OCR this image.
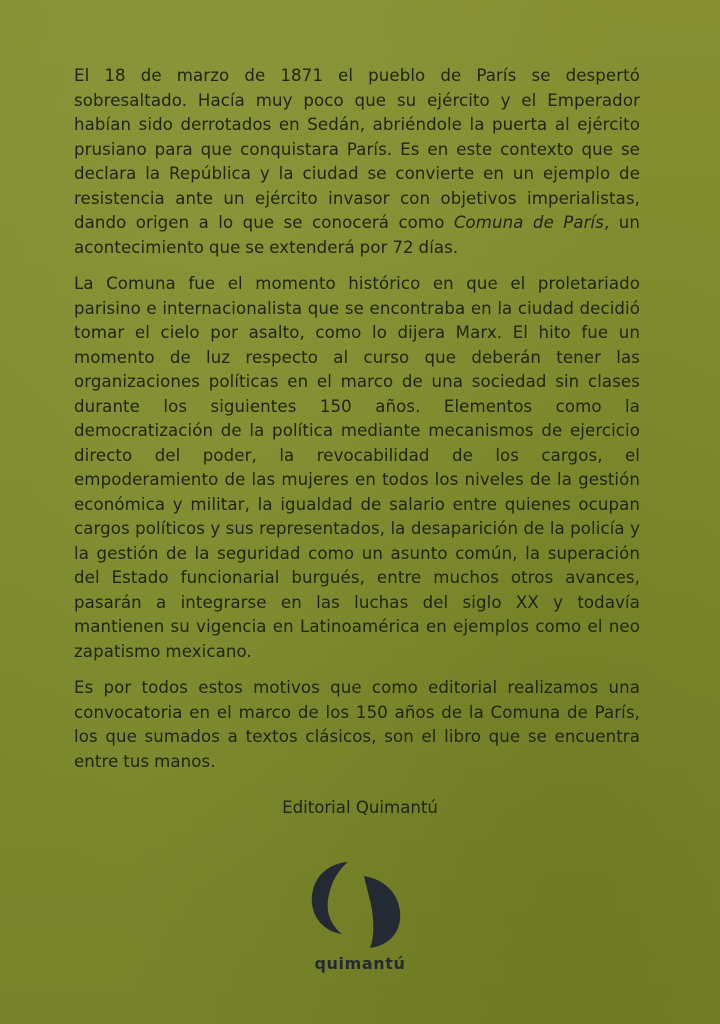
El 18 de marzo de 1871 el pueblo de París se despertó sobresaltado. Hacía muy poco que su ejército y el Emperador habían sido derrotados en Sedán, abriéndole la puerta al ejército prusiano para que conquistara París. Es en este contexto que se declara la República y la ciudad se convierte en un ejemplo de resistencia ante un ejército invasor con objetivos imperialistas, dando origen a lo que se conocerá como Comuna de París, un acontecimiento que se extenderá por 72 días.

La Comuna fue el momento histórico en que el proletariado parisino e internacionalista que se encontraba en la ciudad decidió tomar el cielo por asalto, como lo dijera Marx. El hito fue un momento de luz respecto al curso que deberán tener las organizaciones políticas en el marco de una sociedad sin clases durante los siguientes 150 años. Elementos como la democratización de la política mediante mecanismos de ejercicio directo del poder, la revocabilidad de los cargos, el empoderamiento de las mujeres en todos los niveles de la gestión económica y militar, la igualdad de salario entre quienes ocupan cargos políticos y sus representados, la desaparición de la policía y la gestión de la seguridad como un asunto común, la superación del Estado funcionarial burgués, entre muchos otros avances, pasarán a integrarse en las luchas del siglo XX y todavía mantienen su vigencia en Latinoamérica en ejemplos como el neo zapatismo mexicano.

Es por todos estos motivos que como editorial realizamos una convocatoria en el marco de los 150 años de la Comuna de París, los que sumados a textos clásicos, son el libro que se encuentra entre tus manos.

Editorial Quimantú
quimantú
